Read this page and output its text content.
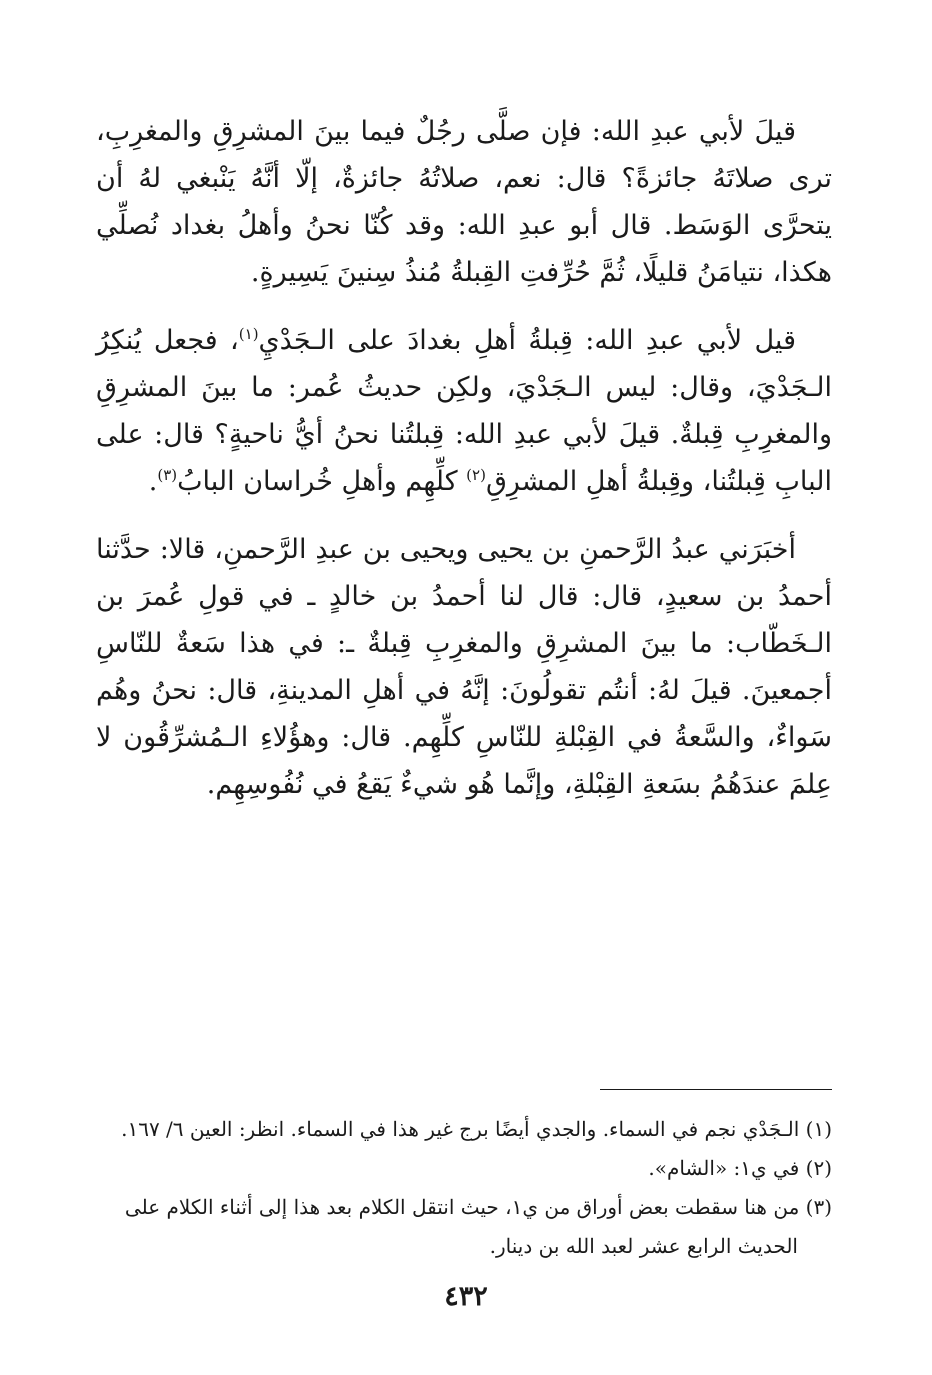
قيلَ لأبي عبدِ الله: فإن صلَّى رجُلٌ فيما بينَ المشرِقِ والمغرِبِ، ترى صلاتَهُ جائزةً؟ قال: نعم، صلاتُهُ جائزةٌ، إلّا أنَّهُ يَنْبغي لهُ أن يتحرَّى الوَسَط. قال أبو عبدِ الله: وقد كُنّا نحنُ وأهلُ بغداد نُصلِّي هكذا، نتيامَنُ قليلًا، ثُمَّ حُرِّفتِ القِبلةُ مُنذُ سِنينَ يَسِيرةٍ.

قيل لأبي عبدِ الله: قِبلةُ أهلِ بغدادَ على الـجَدْيِ$^{(١)}$، فجعل يُنكِرُ الـجَدْيَ، وقال: ليس الـجَدْيَ، ولكِن حديثُ عُمر: ما بينَ المشرِقِ والمغرِبِ قِبلةٌ. قيلَ لأبي عبدِ الله: قِبلتُنا نحنُ أيُّ ناحيةٍ؟ قال: على البابِ قِبلتُنا، وقِبلةُ أهلِ المشرِقِ$^{(٢)}$ كلِّهِم وأهلِ خُراسان البابُ$^{(٣)}$.

أخبَرَني عبدُ الرَّحمنِ بن يحيى ويحيى بن عبدِ الرَّحمنِ، قالا: حدَّثنا أحمدُ بن سعيدٍ، قال: قال لنا أحمدُ بن خالدٍ ـ في قولِ عُمرَ بن الـخَطّاب: ما بينَ المشرِقِ والمغرِبِ قِبلةٌ ـ: في هذا سَعةٌ للنّاسِ أجمعينَ. قيلَ لهُ: أنتُم تقولُونَ: إنَّهُ في أهلِ المدينةِ، قال: نحنُ وهُم سَواءٌ، والسَّعةُ في القِبْلةِ للنّاسِ كلِّهِم. قال: وهؤُلاءِ الـمُشرِّقُون لا عِلمَ عندَهُمُ بسَعةِ القِبْلةِ، وإنَّما هُو شيءٌ يَقعُ في نُفُوسِهِم.

(١) الـجَدْي نجم في السماء. والجدي أيضًا برج غير هذا في السماء. انظر: العين ٦/ ١٦٧.

(٢) في ي١: «الشام».

(٣) من هنا سقطت بعض أوراق من ي١، حيث انتقل الكلام بعد هذا إلى أثناء الكلام على

الحديث الرابع عشر لعبد الله بن دينار.

٤٣٢
